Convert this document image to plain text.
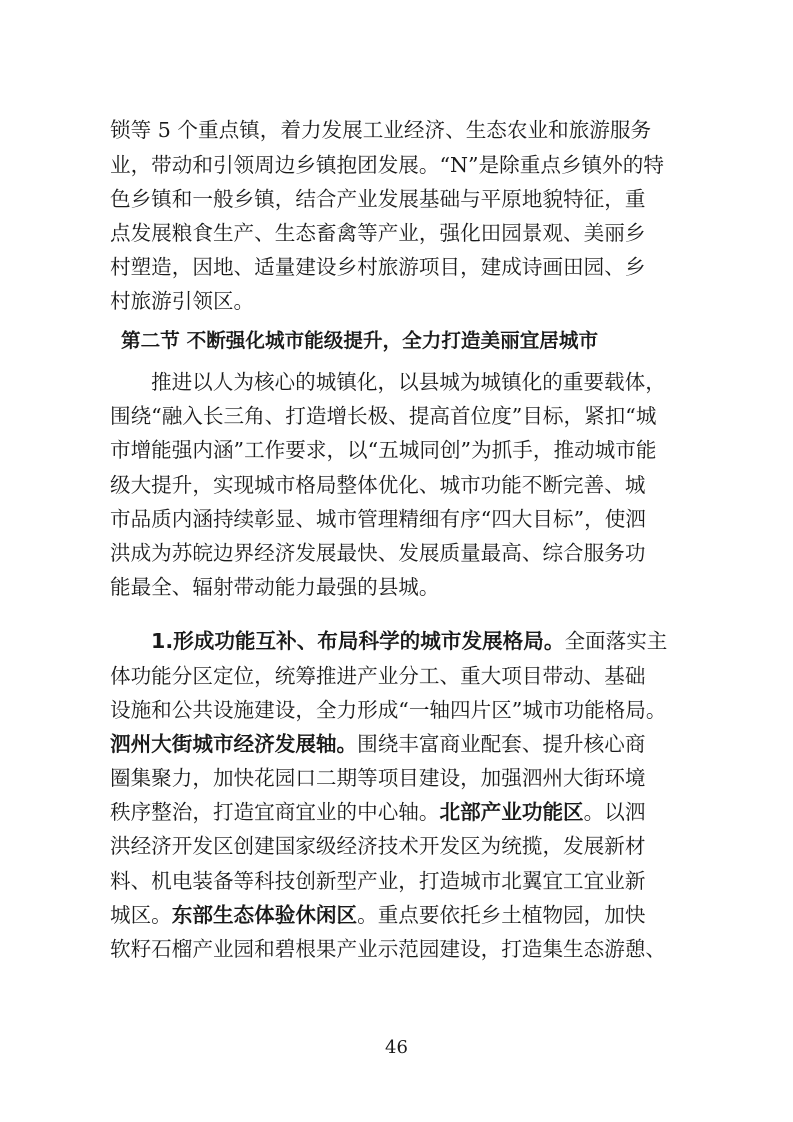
锁等 5 个重点镇，着力发展工业经济、生态农业和旅游服务
业，带动和引领周边乡镇抱团发展。“N”是除重点乡镇外的特
色乡镇和一般乡镇，结合产业发展基础与平原地貌特征，重
点发展粮食生产、生态畜禽等产业，强化田园景观、美丽乡
村塑造，因地、适量建设乡村旅游项目，建成诗画田园、乡
村旅游引领区。
第二节 不断强化城市能级提升，全力打造美丽宜居城市
推进以人为核心的城镇化，以县城为城镇化的重要载体，
围绕“融入长三角、打造增长极、提高首位度”目标，紧扣“城
市增能强内涵”工作要求，以“五城同创”为抓手，推动城市能
级大提升，实现城市格局整体优化、城市功能不断完善、城
市品质内涵持续彰显、城市管理精细有序“四大目标”，使泗
洪成为苏皖边界经济发展最快、发展质量最高、综合服务功
能最全、辐射带动能力最强的县城。
1.形成功能互补、布局科学的城市发展格局。全面落实主
体功能分区定位，统筹推进产业分工、重大项目带动、基础
设施和公共设施建设，全力形成“一轴四片区”城市功能格局。
泗州大街城市经济发展轴。围绕丰富商业配套、提升核心商
圈集聚力，加快花园口二期等项目建设，加强泗州大街环境
秩序整治，打造宜商宜业的中心轴。北部产业功能区。以泗
洪经济开发区创建国家级经济技术开发区为统揽，发展新材
料、机电装备等科技创新型产业，打造城市北翼宜工宜业新
城区。东部生态体验休闲区。重点要依托乡土植物园，加快
软籽石榴产业园和碧根果产业示范园建设，打造集生态游憩、
46
